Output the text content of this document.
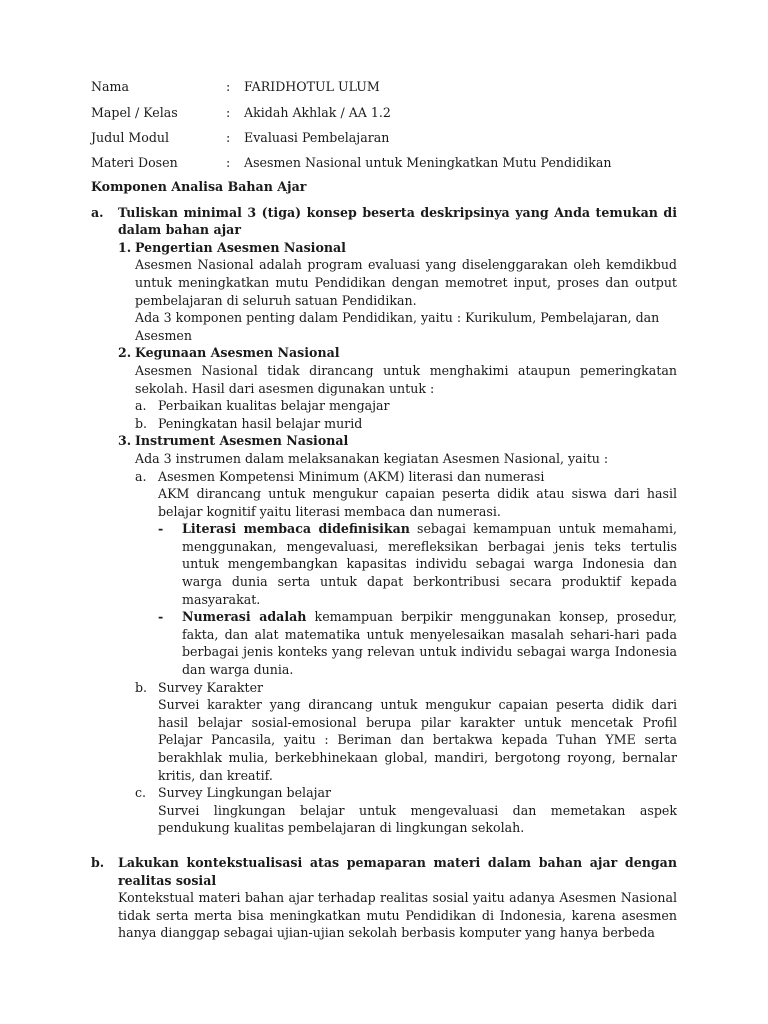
Nama	: FARIDHOTUL ULUM
Mapel / Kelas	: Akidah Akhlak / AA 1.2
Judul Modul	: Evaluasi Pembelajaran
Materi Dosen	: Asesmen Nasional untuk Meningkatkan Mutu Pendidikan
Komponen Analisa Bahan Ajar
a.	Tuliskan minimal 3 (tiga) konsep beserta deskripsinya yang Anda temukan di dalam bahan ajar
1. Pengertian Asesmen Nasional

Asesmen Nasional adalah program evaluasi yang diselenggarakan oleh kemdikbud untuk meningkatkan mutu Pendidikan dengan memotret input, proses dan output pembelajaran di seluruh satuan Pendidikan.

Ada 3 komponen penting dalam Pendidikan, yaitu : Kurikulum, Pembelajaran, dan Asesmen

2. Kegunaan Asesmen Nasional

Asesmen Nasional tidak dirancang untuk menghakimi ataupun pemeringkatan sekolah. Hasil dari asesmen digunakan untuk :

a. Perbaikan kualitas belajar mengajar
b. Peningkatan hasil belajar murid
3. Instrument Asesmen Nasional

Ada 3 instrumen dalam melaksanakan kegiatan Asesmen Nasional, yaitu :

a. Asesmen Kompetensi Minimum (AKM) literasi dan numerasi

AKM dirancang untuk mengukur capaian peserta didik atau siswa dari hasil belajar kognitif yaitu literasi membaca dan numerasi.

-	Literasi membaca didefinisikan sebagai kemampuan untuk memahami, menggunakan, mengevaluasi, merefleksikan berbagai jenis teks tertulis untuk mengembangkan kapasitas individu sebagai warga Indonesia dan warga dunia serta untuk dapat berkontribusi secara produktif kepada masyarakat.
-	Numerasi adalah kemampuan berpikir menggunakan konsep, prosedur, fakta, dan alat matematika untuk menyelesaikan masalah sehari-hari pada berbagai jenis konteks yang relevan untuk individu sebagai warga Indonesia dan warga dunia.
b. Survey Karakter

Survei karakter yang dirancang untuk mengukur capaian peserta didik dari hasil belajar sosial-emosional berupa pilar karakter untuk mencetak Profil Pelajar Pancasila, yaitu : Beriman dan bertakwa kepada Tuhan YME serta berakhlak mulia, berkebhinekaan global, mandiri, bergotong royong, bernalar kritis, dan kreatif.

c. Survey Lingkungan belajar

Survei lingkungan belajar untuk mengevaluasi dan memetakan aspek pendukung kualitas pembelajaran di lingkungan sekolah.

b.	Lakukan kontekstualisasi atas pemaparan materi dalam bahan ajar dengan realitas sosial

Kontekstual materi bahan ajar terhadap realitas sosial yaitu adanya Asesmen Nasional tidak serta merta bisa meningkatkan mutu Pendidikan di Indonesia, karena asesmen hanya dianggap sebagai ujian-ujian sekolah berbasis komputer yang hanya berbeda
